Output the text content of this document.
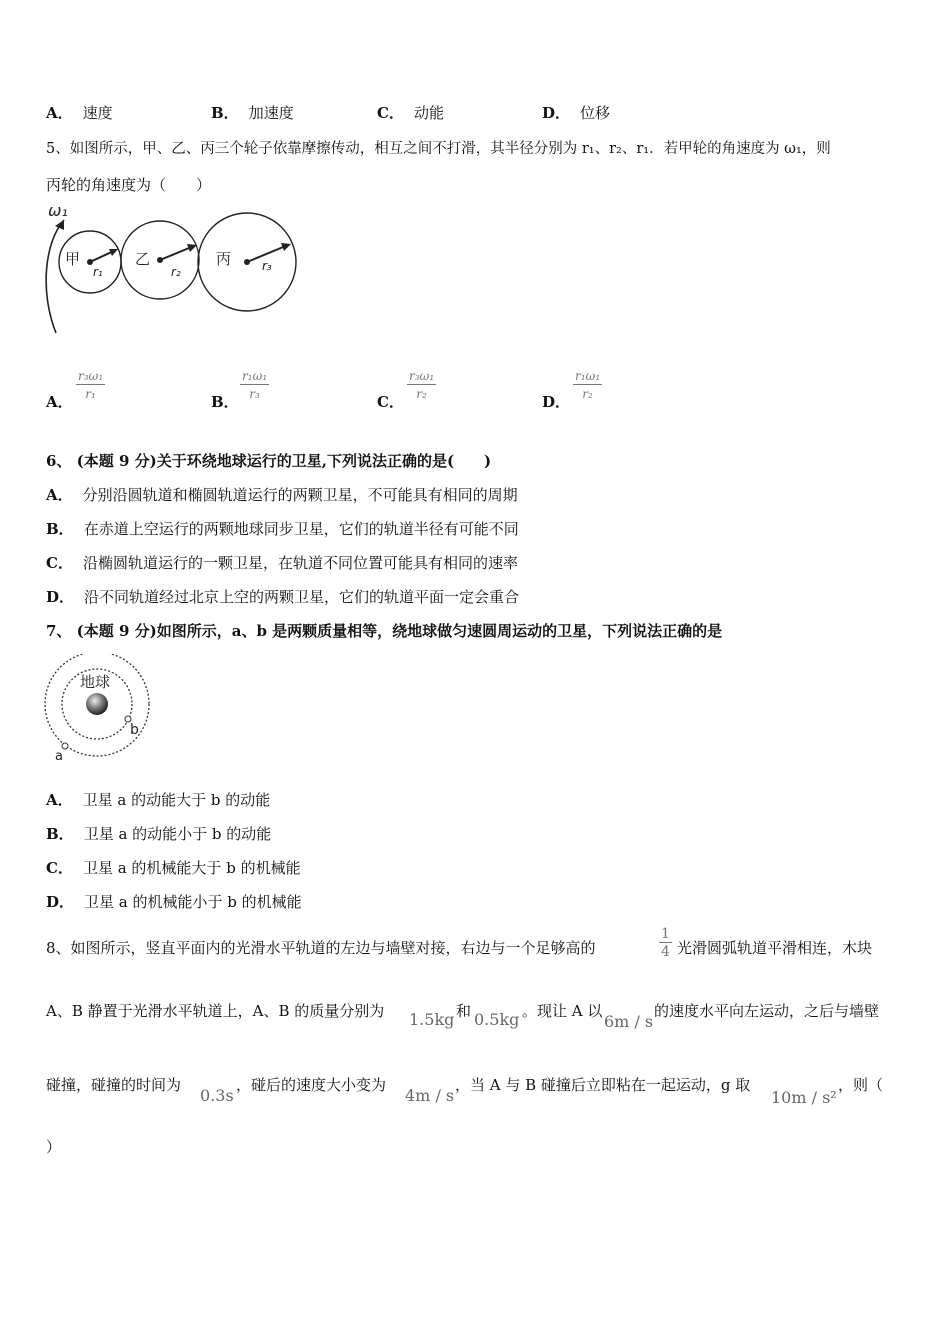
A． 速度	B． 加速度	C． 动能	D． 位移
5、如图所示，甲、乙、丙三个轮子依靠摩擦传动，相互之间不打滑，其半径分别为 r₁、r₂、r₁．若甲轮的角速度为 ω₁，则
丙轮的角速度为（　　）
ω₁
甲
r₁
乙
r₂
丙	r₃
A． $\frac{\text{r₃ω₁}}{\text{r₁}}$	B． $\frac{\text{r₁ω₁}}{\text{r₃}}$	C． $\frac{\text{r₃ω₁}}{\text{r₂}}$	D． $\frac{\text{r₁ω₁}}{\text{r₂}}$
6、 (本题 9 分)关于环绕地球运行的卫星,下列说法正确的是(　　)
A． 分别沿圆轨道和椭圆轨道运行的两颗卫星，不可能具有相同的周期
B． 在赤道上空运行的两颗地球同步卫星，它们的轨道半径有可能不同
C． 沿椭圆轨道运行的一颗卫星，在轨道不同位置可能具有相同的速率
D． 沿不同轨道经过北京上空的两颗卫星，它们的轨道平面一定会重合
7、 (本题 9 分)如图所示，a、b 是两颗质量相等，绕地球做匀速圆周运动的卫星，下列说法正确的是
地球
b
a
A． 卫星 a 的动能大于 b 的动能
B． 卫星 a 的动能小于 b 的动能
C． 卫星 a 的机械能大于 b 的机械能
D． 卫星 a 的机械能小于 b 的机械能
8、如图所示，竖直平面内的光滑水平轨道的左边与墙壁对接，右边与一个足够高的	$\frac{1}{4}$ 光滑圆弧轨道平滑相连，木块
A、B 静置于光滑水平轨道上，A、B 的质量分别为 1.5kg 和 0.5kg 。现让 A 以
6m / s
的速度水平向左运动，之后与墙壁
碰撞，碰撞的时间为
0.3s
，碰后的速度大小变为
4m / s
，当 A 与 B 碰撞后立即粘在一起运动，g 取
10m / s²
，则（
）
